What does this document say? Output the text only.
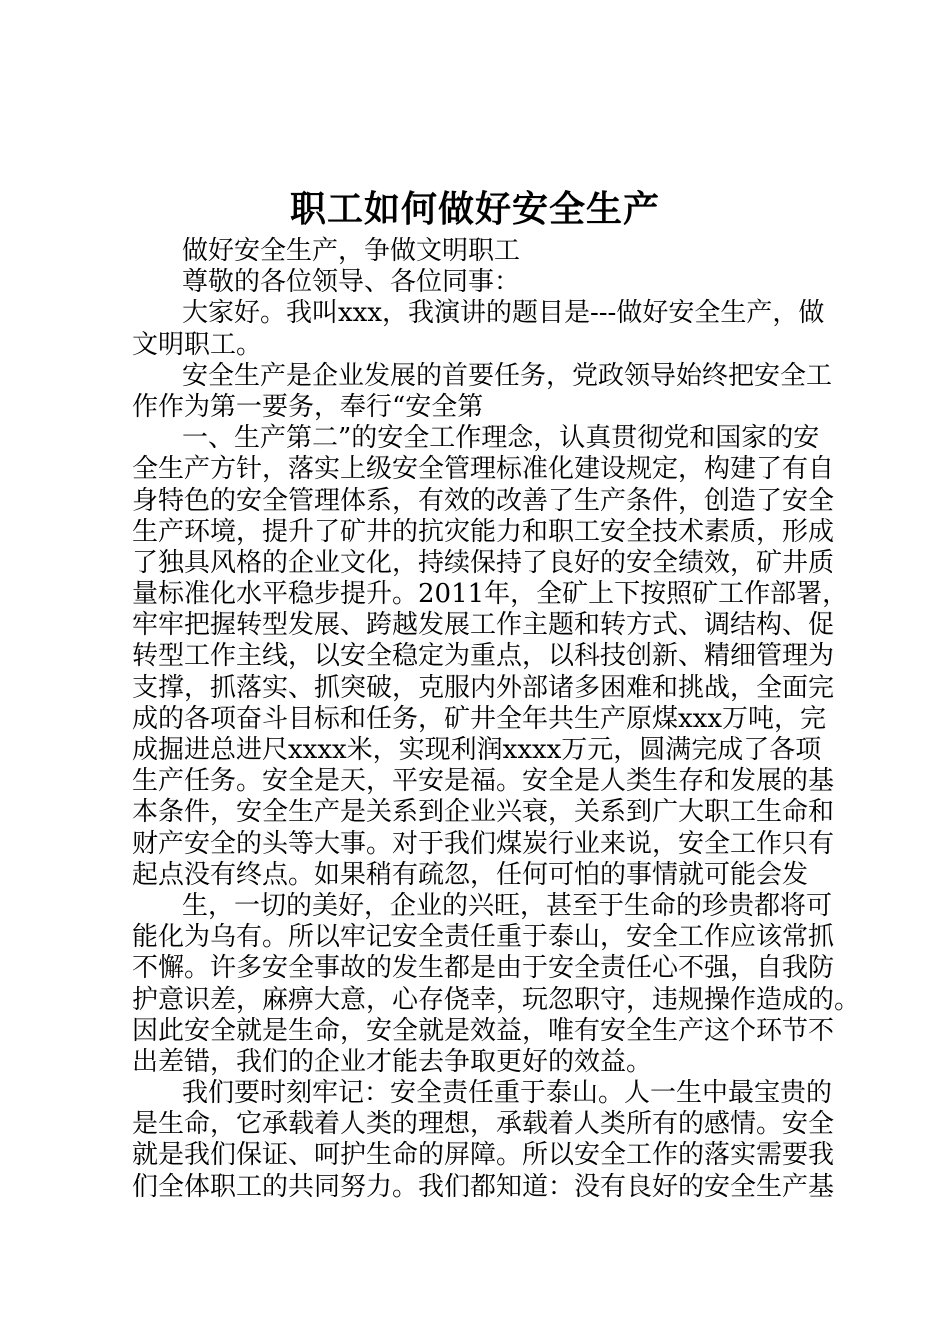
职工如何做好安全生产
做好安全生产，争做文明职工
尊敬的各位领导、各位同事：
大家好。我叫xxx，我演讲的题目是---做好安全生产，做
文明职工。
安全生产是企业发展的首要任务，党政领导始终把安全工
作作为第一要务，奉行“安全第
一、生产第二”的安全工作理念，认真贯彻党和国家的安
全生产方针，落实上级安全管理标准化建设规定，构建了有自
身特色的安全管理体系，有效的改善了生产条件，创造了安全
生产环境，提升了矿井的抗灾能力和职工安全技术素质，形成
了独具风格的企业文化，持续保持了良好的安全绩效，矿井质
量标准化水平稳步提升。2011年，全矿上下按照矿工作部署，
牢牢把握转型发展、跨越发展工作主题和转方式、调结构、促
转型工作主线，以安全稳定为重点，以科技创新、精细管理为
支撑，抓落实、抓突破，克服内外部诸多困难和挑战，全面完
成的各项奋斗目标和任务，矿井全年共生产原煤xxx万吨，完
成掘进总进尺xxxx米，实现利润xxxx万元，圆满完成了各项
生产任务。安全是天，平安是福。安全是人类生存和发展的基
本条件，安全生产是关系到企业兴衰，关系到广大职工生命和
财产安全的头等大事。对于我们煤炭行业来说，安全工作只有
起点没有终点。如果稍有疏忽，任何可怕的事情就可能会发
生，一切的美好，企业的兴旺，甚至于生命的珍贵都将可
能化为乌有。所以牢记安全责任重于泰山，安全工作应该常抓
不懈。许多安全事故的发生都是由于安全责任心不强，自我防
护意识差，麻痹大意，心存侥幸，玩忽职守，违规操作造成的。
因此安全就是生命，安全就是效益，唯有安全生产这个环节不
出差错，我们的企业才能去争取更好的效益。
我们要时刻牢记：安全责任重于泰山。人一生中最宝贵的
是生命，它承载着人类的理想，承载着人类所有的感情。安全
就是我们保证、呵护生命的屏障。所以安全工作的落实需要我
们全体职工的共同努力。我们都知道：没有良好的安全生产基
